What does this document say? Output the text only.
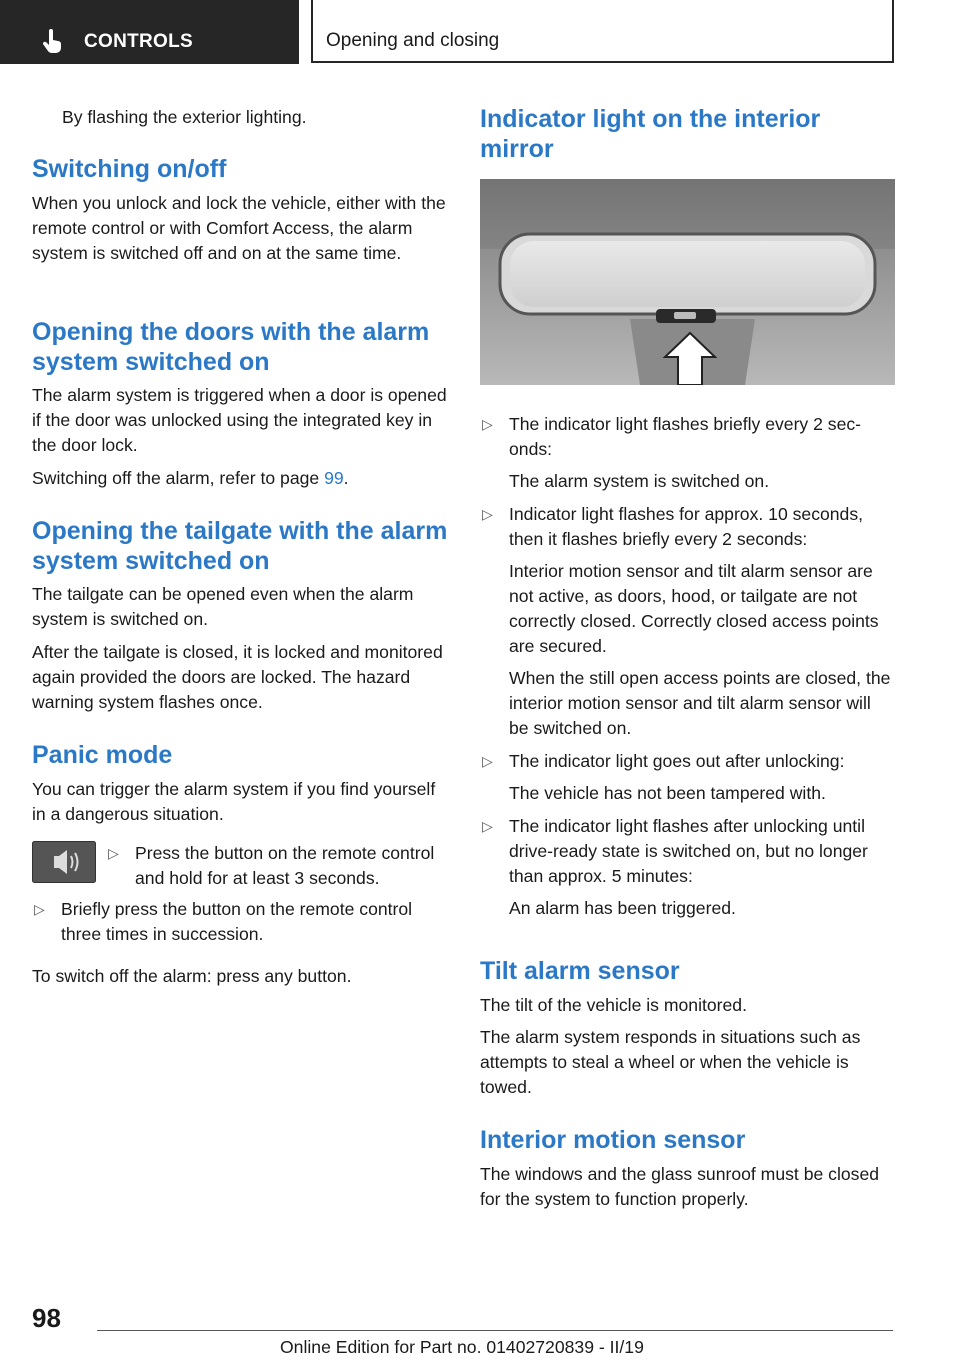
CONTROLS	Opening and closing

By flashing the exterior lighting.

Switching on/off

When you unlock and lock the vehicle, either with the remote control or with Comfort Access, the alarm system is switched off and on at the same time.

Opening the doors with the alarm system switched on

The alarm system is triggered when a door is opened if the door was unlocked using the integrated key in the door lock.

Switching off the alarm, refer to page 99.

Opening the tailgate with the alarm system switched on

The tailgate can be opened even when the alarm system is switched on.

After the tailgate is closed, it is locked and monitored again provided the doors are locked. The hazard warning system flashes once.

Panic mode

You can trigger the alarm system if you find yourself in a dangerous situation.

▷ Press the button on the remote control and hold for at least 3 seconds.
▷ Briefly press the button on the remote control three times in succession.

To switch off the alarm: press any button.

Indicator light on the interior mirror
▷ The indicator light flashes briefly every 2 seconds:
The alarm system is switched on.
▷ Indicator light flashes for approx. 10 seconds, then it flashes briefly every 2 seconds:
Interior motion sensor and tilt alarm sensor are not active, as doors, hood, or tailgate are not correctly closed. Correctly closed access points are secured.
When the still open access points are closed, the interior motion sensor and tilt alarm sensor will be switched on.
▷ The indicator light goes out after unlocking:
The vehicle has not been tampered with.
▷ The indicator light flashes after unlocking until drive-ready state is switched on, but no longer than approx. 5 minutes:
An alarm has been triggered.
Tilt alarm sensor

The tilt of the vehicle is monitored.

The alarm system responds in situations such as attempts to steal a wheel or when the vehicle is towed.

Interior motion sensor

The windows and the glass sunroof must be closed for the system to function properly.

98
Online Edition for Part no. 01402720839 - II/19
